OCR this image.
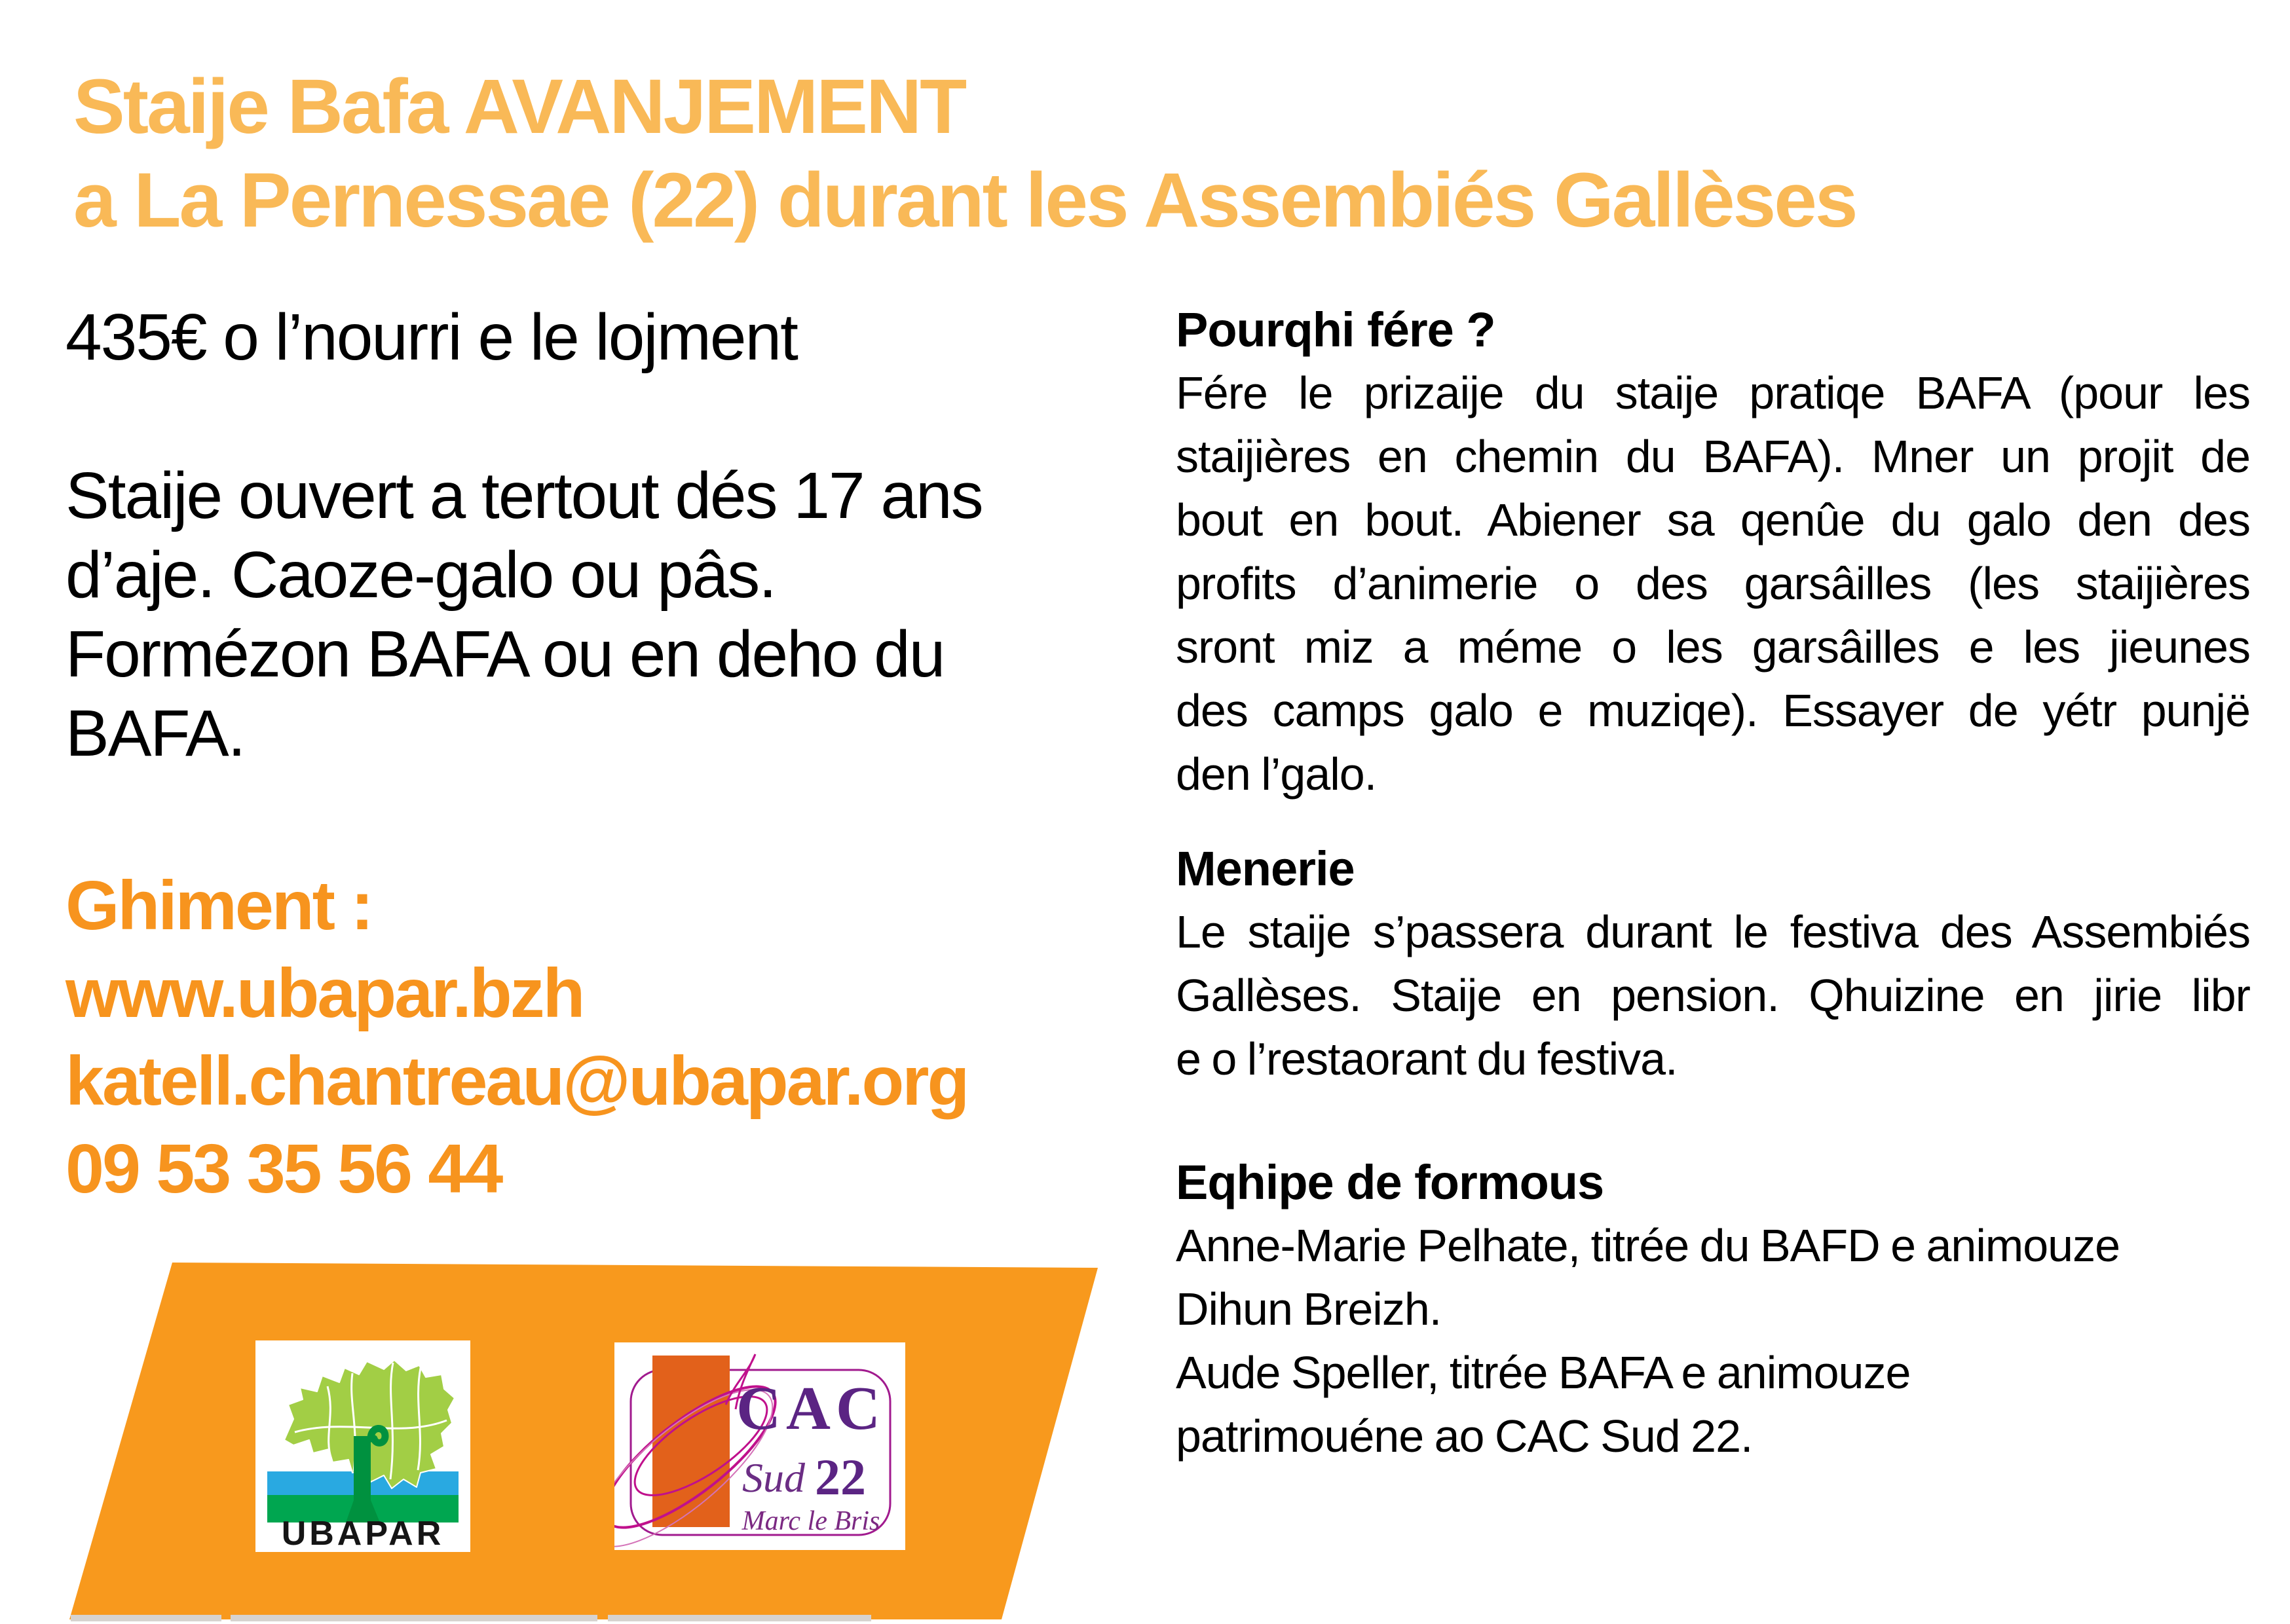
Staije Bafa AVANJEMENT
a La Pernessae (22) durant les Assembiés Gallèses
435€ o l’nourri e le lojment
Staije ouvert a tertout dés 17 ans
d’aje. Caoze-galo ou pâs.
Formézon BAFA ou en deho du
BAFA.
Ghiment :
www.ubapar.bzh
katell.chantreau@ubapar.org
09 53 35 56 44
Pourqhi fére ?
Fére le prizaije du staije pratiqe BAFA (pour les
staijières en chemin du BAFA). Mner un projit de
bout en bout. Abiener sa qenûe du galo den des
profits d’animerie o des garsâilles (les staijières
sront miz a méme o les garsâilles e les jieunes
des camps galo e muziqe). Essayer de yétr punjë
den l’galo.
Menerie
Le staije s’passera durant le festiva des Assembiés
Gallèses. Staije en pension. Qhuizine en jirie libr
e o l’restaorant du festiva.
Eqhipe de formous
Anne-Marie Pelhate, titrée du BAFD e animouze
Dihun Breizh.
Aude Speller, titrée BAFA e animouze
patrimouéne ao CAC Sud 22.
UBAPAR
CAC
Sud 22
Marc le Bris
